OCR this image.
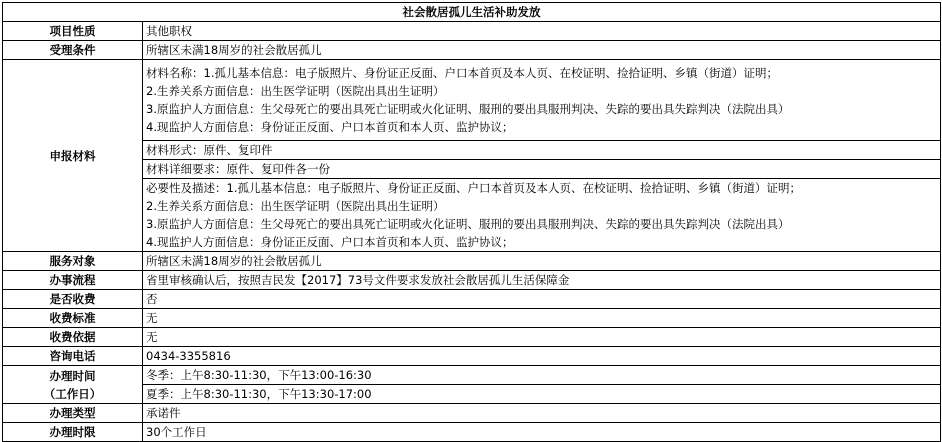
社会散居孤儿生活补助发放	
项目性质	其他职权
受理条件	所辖区未满18周岁的社会散居孤儿
申报材料	材料名称：1.孤儿基本信息：电子版照片、身份证正反面、户口本首页及本人页、在校证明、捡拾证明、乡镇（街道）证明；
2.生养关系方面信息：出生医学证明（医院出具出生证明）
3.原监护人方面信息：生父母死亡的要出具死亡证明或火化证明、服刑的要出具服刑判决、失踪的要出具失踪判决（法院出具）
4.现监护人方面信息：身份证正反面、户口本首页和本人页、监护协议；

	材料形式：原件、复印件
	材料详细要求：原件、复印件各一份

	必要性及描述：1.孤儿基本信息：电子版照片、身份证正反面、户口本首页及本人页、在校证明、捡拾证明、乡镇（街道）证明；
2.生养关系方面信息：出生医学证明（医院出具出生证明）
3.原监护人方面信息：生父母死亡的要出具死亡证明或火化证明、服刑的要出具服刑判决、失踪的要出具失踪判决（法院出具）
4.现监护人方面信息：身份证正反面、户口本首页和本人页、监护协议；

服务对象	所辖区未满18周岁的社会散居孤儿
办事流程	省里审核确认后，按照吉民发【2017】73号文件要求发放社会散居孤儿生活保障金
是否收费	否
收费标准	无
收费依据	无
咨询电话	0434-3355816

办理时间
（工作日）	冬季：上午8:30-11:30，下午13:00-16:30
	夏季：上午8:30-11:30，下午13:30-17:00
办理类型	承诺件
办理时限	30个工作日
